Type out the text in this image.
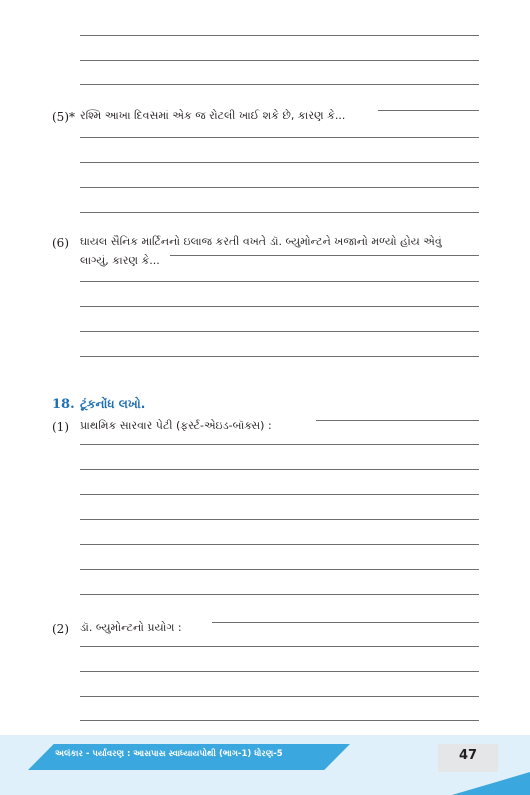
(5)* રશ્મિ આખા દિવસમાં એક જ રોટલી ખાઈ શકે છે, કારણ કે...
(6) ઘાયલ સૈનિક માર્ટિનનો ઇલાજ કરતી વખતે ડૉ. બ્યુમોન્ટને ખજાનો મળ્યો હોય એવું
લાગ્યું, કારણ કે...
18. ટૂંકનોંધ લખો.
(1) પ્રાથમિક સારવાર પેટી (ફર્સ્ટ-એઇડ-બૉક્સ) :
(2) ડૉ. બ્યુમોન્ટનો પ્રયોગ :
અલંકાર - પર્યાવરણ : આસપાસ સ્વાધ્યાયપોથી (ભાગ-1) ધોરણ-5	47
